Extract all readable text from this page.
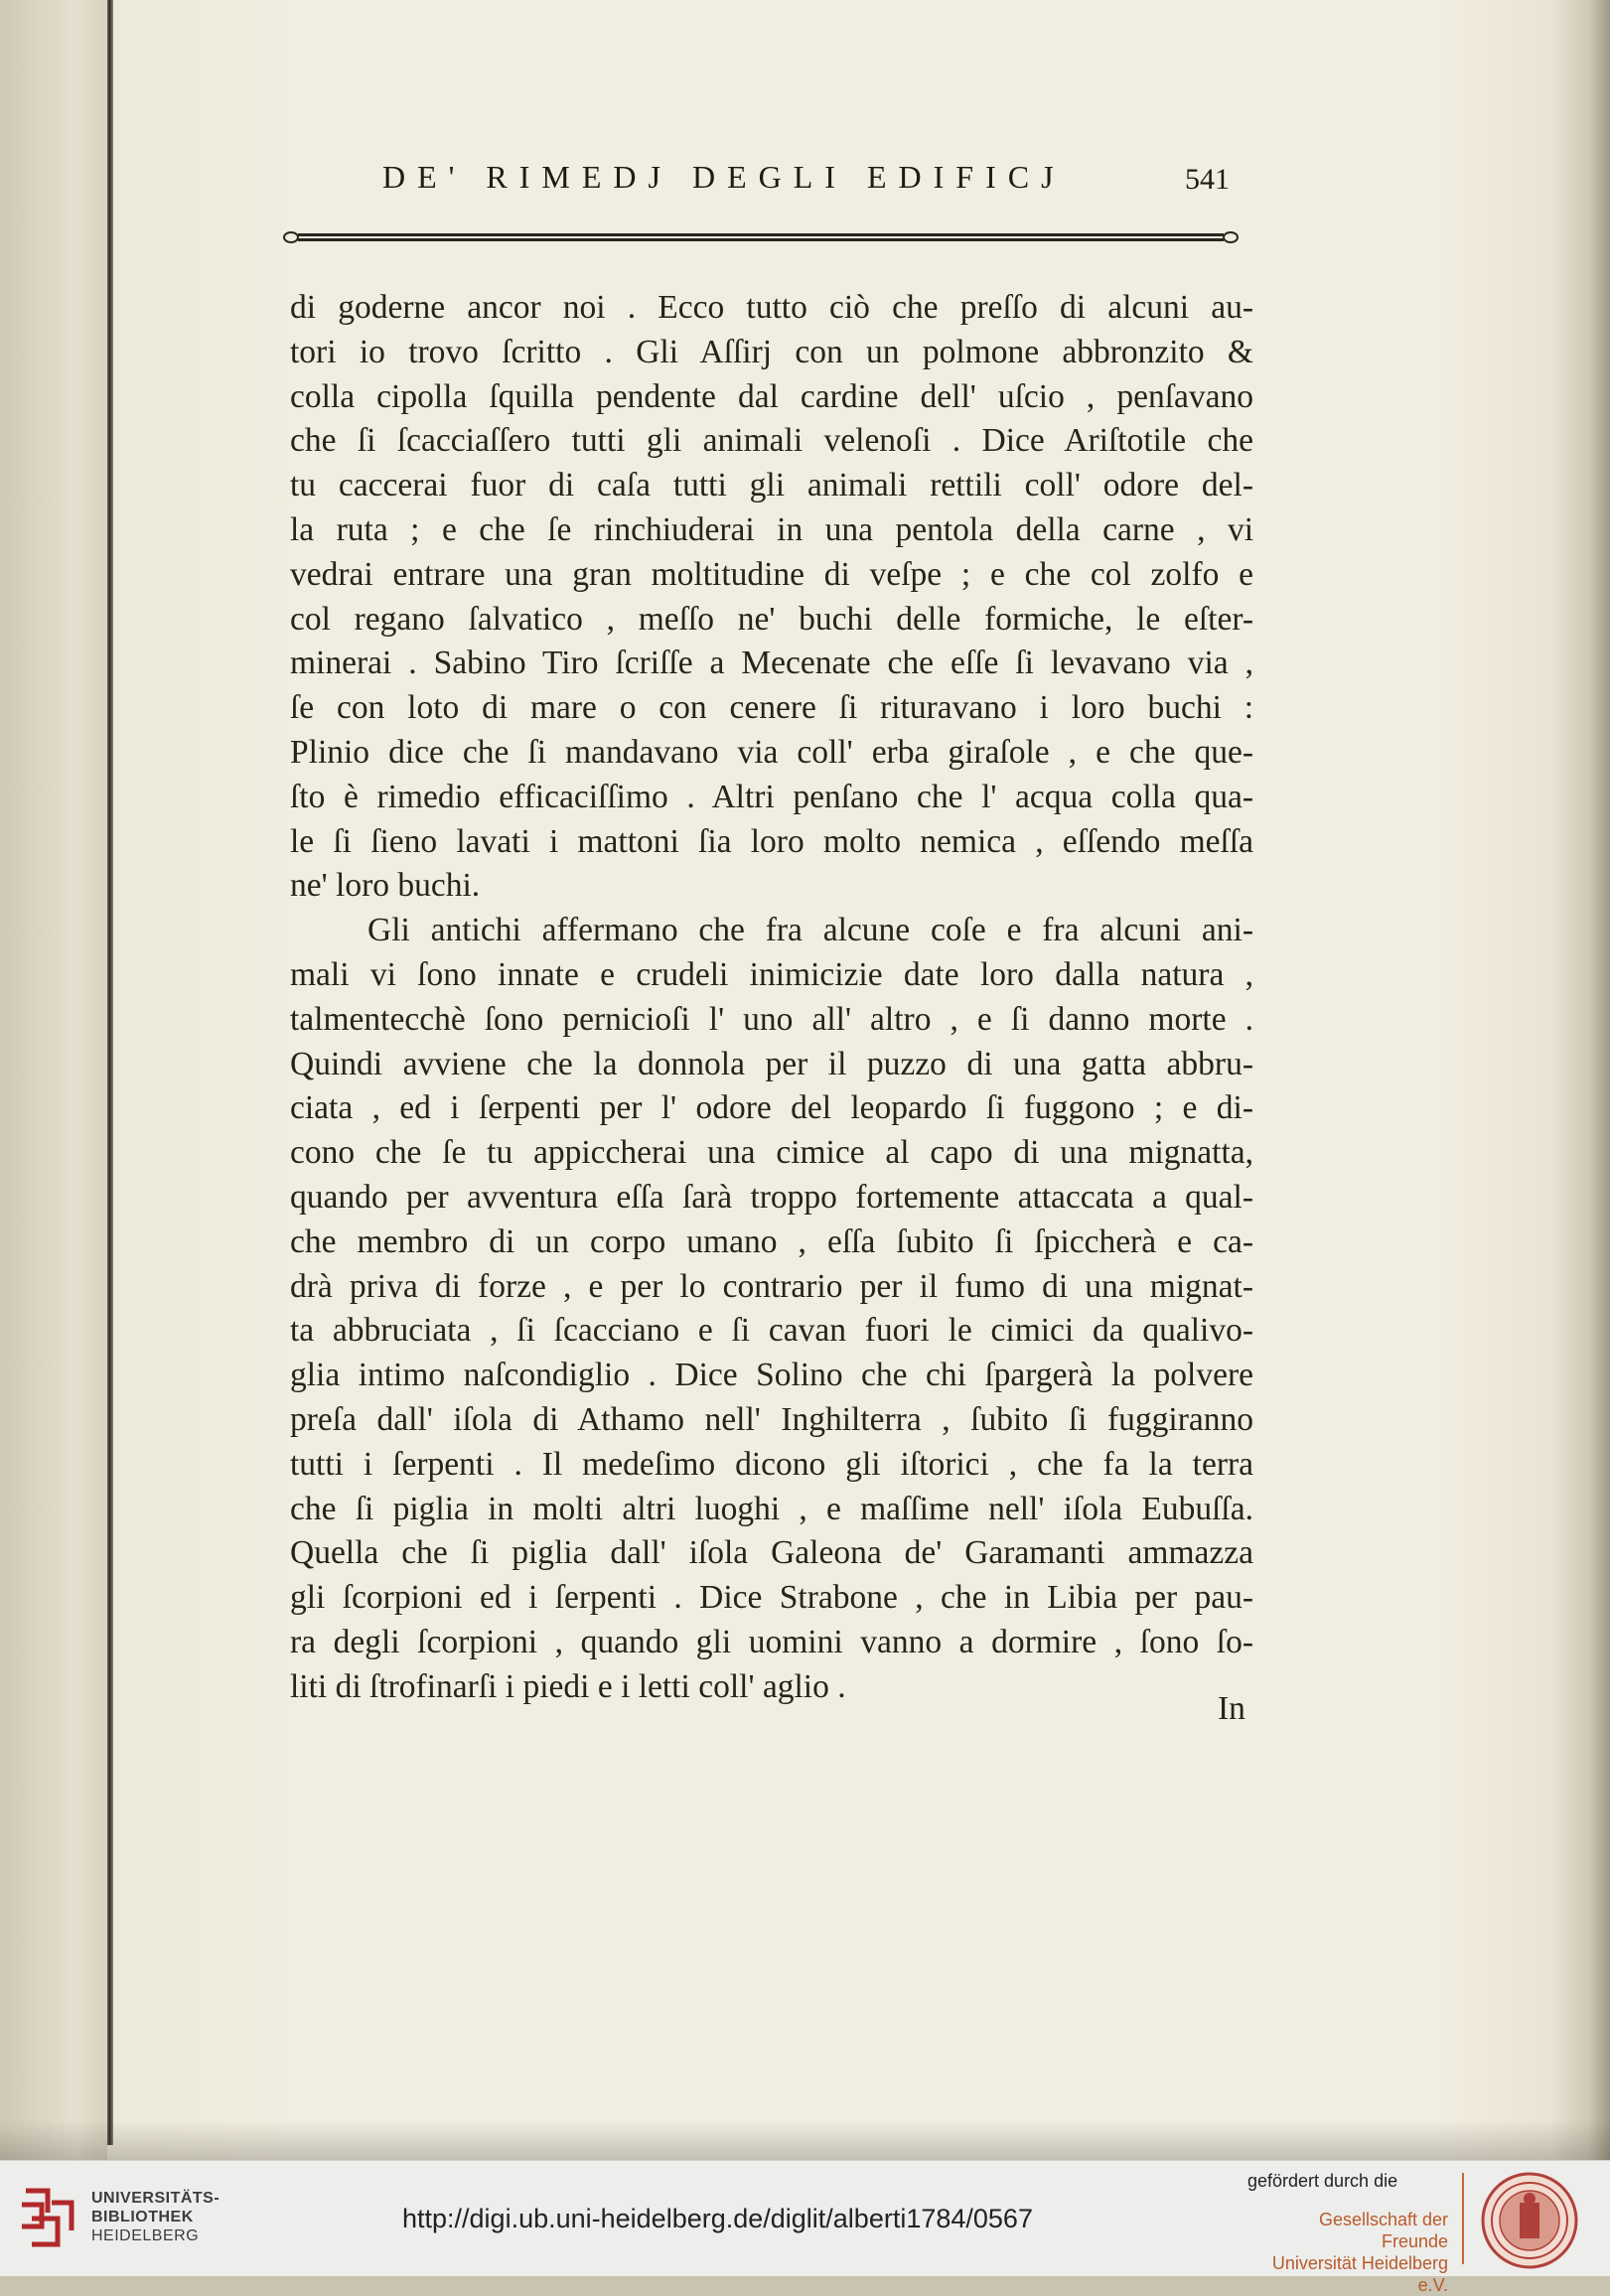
DE' RIMEDJ DEGLI EDIFICJ	541
di goderne ancor noi . Ecco tutto ciò che preſſo di alcuni au-
tori io trovo ſcritto . Gli Aſſirj con un polmone abbronzito &
colla cipolla ſquilla pendente dal cardine dell' uſcio , penſavano
che ſi ſcacciaſſero tutti gli animali velenoſi . Dice Ariſtotile che
tu caccerai fuor di caſa tutti gli animali rettili coll' odore del-
la ruta ; e che ſe rinchiuderai in una pentola della carne , vi
vedrai entrare una gran moltitudine di veſpe ; e che col zolfo e
col regano ſalvatico , meſſo ne' buchi delle formiche, le eſter-
minerai . Sabino Tiro ſcriſſe a Mecenate che eſſe ſi levavano via ,
ſe con loto di mare o con cenere ſi rituravano i loro buchi :
Plinio dice che ſi mandavano via coll' erba giraſole , e che que-
ſto è rimedio efficaciſſimo . Altri penſano che l' acqua colla qua-
le ſi ſieno lavati i mattoni ſia loro molto nemica , eſſendo meſſa
ne' loro buchi.
Gli antichi affermano che fra alcune coſe e fra alcuni ani-
mali vi ſono innate e crudeli inimicizie date loro dalla natura ,
talmentecchè ſono pernicioſi l' uno all' altro , e ſi danno morte .
Quindi avviene che la donnola per il puzzo di una gatta abbru-
ciata , ed i ſerpenti per l' odore del leopardo ſi fuggono ; e di-
cono che ſe tu appiccherai una cimice al capo di una mignatta,
quando per avventura eſſa ſarà troppo fortemente attaccata a qual-
che membro di un corpo umano , eſſa ſubito ſi ſpiccherà e ca-
drà priva di forze , e per lo contrario per il fumo di una mignat-
ta abbruciata , ſi ſcacciano e ſi cavan fuori le cimici da qualivo-
glia intimo naſcondiglio . Dice Solino che chi ſpargerà la polvere
preſa dall' iſola di Athamo nell' Inghilterra , ſubito ſi fuggiranno
tutti i ſerpenti . Il medeſimo dicono gli iſtorici , che fa la terra
che ſi piglia in molti altri luoghi , e maſſime nell' iſola Eubuſſa.
Quella che ſi piglia dall' iſola Galeona de' Garamanti ammazza
gli ſcorpioni ed i ſerpenti . Dice Strabone , che in Libia per pau-
ra degli ſcorpioni , quando gli uomini vanno a dormire , ſono ſo-
liti di ſtrofinarſi i piedi e i letti coll' aglio .
In
UNIVERSITÄTS-
BIBLIOTHEK
HEIDELBERG
http://digi.ub.uni-heidelberg.de/diglit/alberti1784/0567
gefördert durch die
Gesellschaft der Freunde
Universität Heidelberg e.V.
